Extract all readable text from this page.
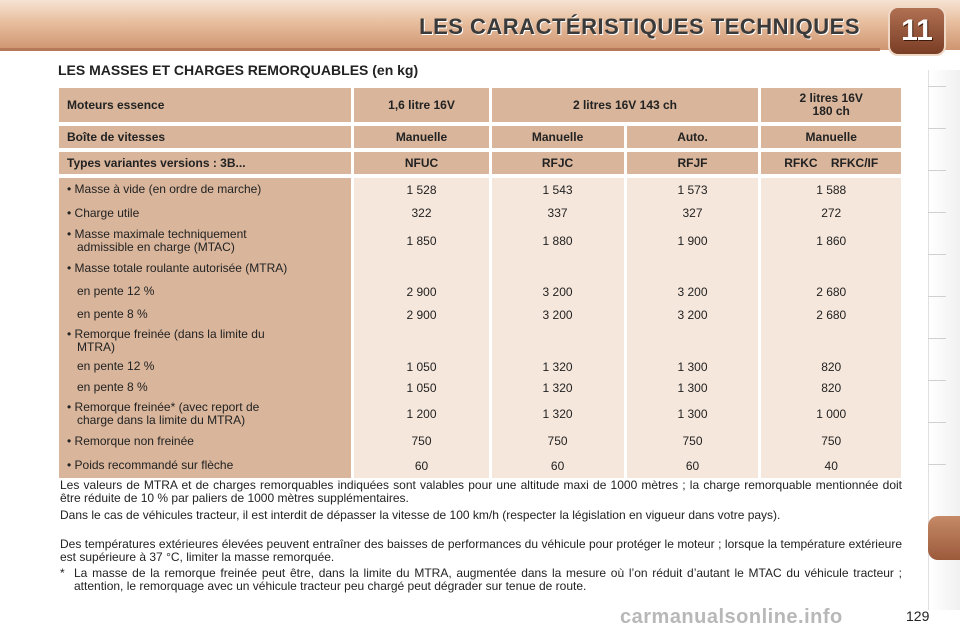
LES CARACTÉRISTIQUES TECHNIQUES 11
LES MASSES ET CHARGES REMORQUABLES (en kg)
Moteurs essence	1,6 litre 16V	2 litres 16V 143 ch		2 litres 16V
180 ch

Boîte de vitesses	Manuelle	Manuelle	Auto.	Manuelle

Types variantes versions : 3B...	NFUC	RFJC	RFJF	RFKC    RFKC/IF

• Masse à vide (en ordre de marche)	1 528	1 543	1 573	1 588
• Charge utile	322	337	327	272
• Masse maximale techniquement
admissible en charge (MTAC)	1 850	1 880	1 900	1 860
• Masse totale roulante autorisée (MTRA)				
en pente 12 %	2 900	3 200	3 200	2 680
en pente 8 %	2 900	3 200	3 200	2 680
• Remorque freinée (dans la limite du
MTRA)				
en pente 12 %	1 050	1 320	1 300	820
en pente 8 %	1 050	1 320	1 300	820
• Remorque freinée* (avec report de
charge dans la limite du MTRA)	1 200	1 320	1 300	1 000
• Remorque non freinée	750	750	750	750
• Poids recommandé sur flèche	60	60	60	40

Les valeurs de MTRA et de charges remorquables indiquées sont valables pour une altitude maxi de 1000 mètres ; la charge remorquable mentionnée doit être réduite de 10 % par paliers de 1000 mètres supplémentaires.

Dans le cas de véhicules tracteur, il est interdit de dépasser la vitesse de 100 km/h (respecter la législation en vigueur dans votre pays).

Des températures extérieures élevées peuvent entraîner des baisses de performances du véhicule pour protéger le moteur ; lorsque la température extérieure est supérieure à 37 °C, limiter la masse remorquée.

* La masse de la remorque freinée peut être, dans la limite du MTRA, augmentée dans la mesure où l’on réduit d’autant le MTAC du véhicule tracteur ; attention, le remorquage avec un véhicule tracteur peu chargé peut dégrader sur tenue de route.
carmanualsonline.info	129
